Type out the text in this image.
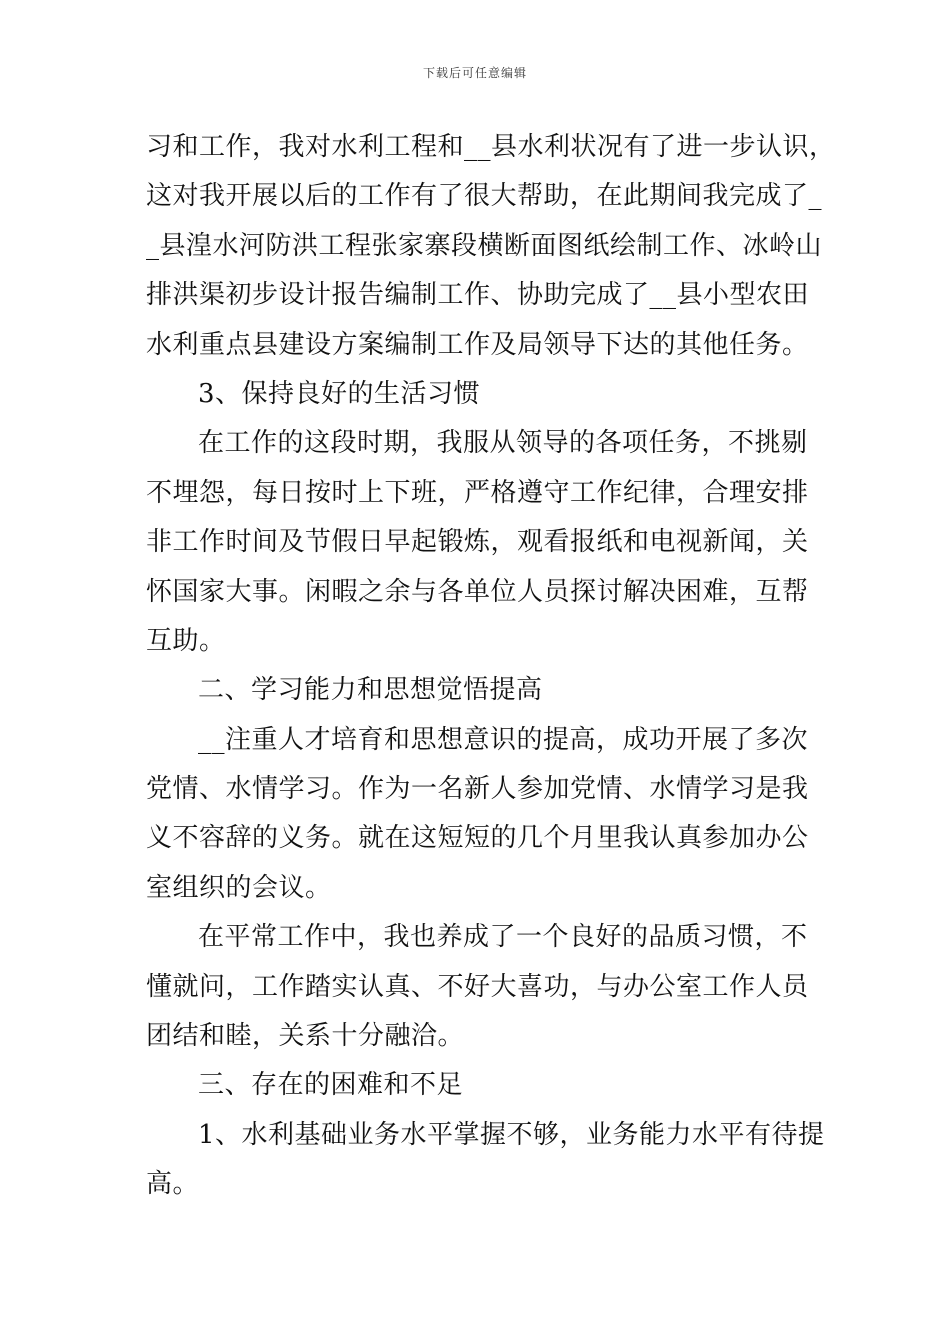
下载后可任意编辑
习和工作，我对水利工程和__县水利状况有了进一步认识，
这对我开展以后的工作有了很大帮助，在此期间我完成了_
_县湟水河防洪工程张家寨段横断面图纸绘制工作、冰岭山
排洪渠初步设计报告编制工作、协助完成了__县小型农田
水利重点县建设方案编制工作及局领导下达的其他任务。
3、保持良好的生活习惯
在工作的这段时期，我服从领导的各项任务，不挑剔
不埋怨，每日按时上下班，严格遵守工作纪律，合理安排
非工作时间及节假日早起锻炼，观看报纸和电视新闻，关
怀国家大事。闲暇之余与各单位人员探讨解决困难，互帮
互助。
二、学习能力和思想觉悟提高
__注重人才培育和思想意识的提高，成功开展了多次
党情、水情学习。作为一名新人参加党情、水情学习是我
义不容辞的义务。就在这短短的几个月里我认真参加办公
室组织的会议。
在平常工作中，我也养成了一个良好的品质习惯，不
懂就问，工作踏实认真、不好大喜功，与办公室工作人员
团结和睦，关系十分融洽。
三、存在的困难和不足
1、水利基础业务水平掌握不够，业务能力水平有待提
高。
